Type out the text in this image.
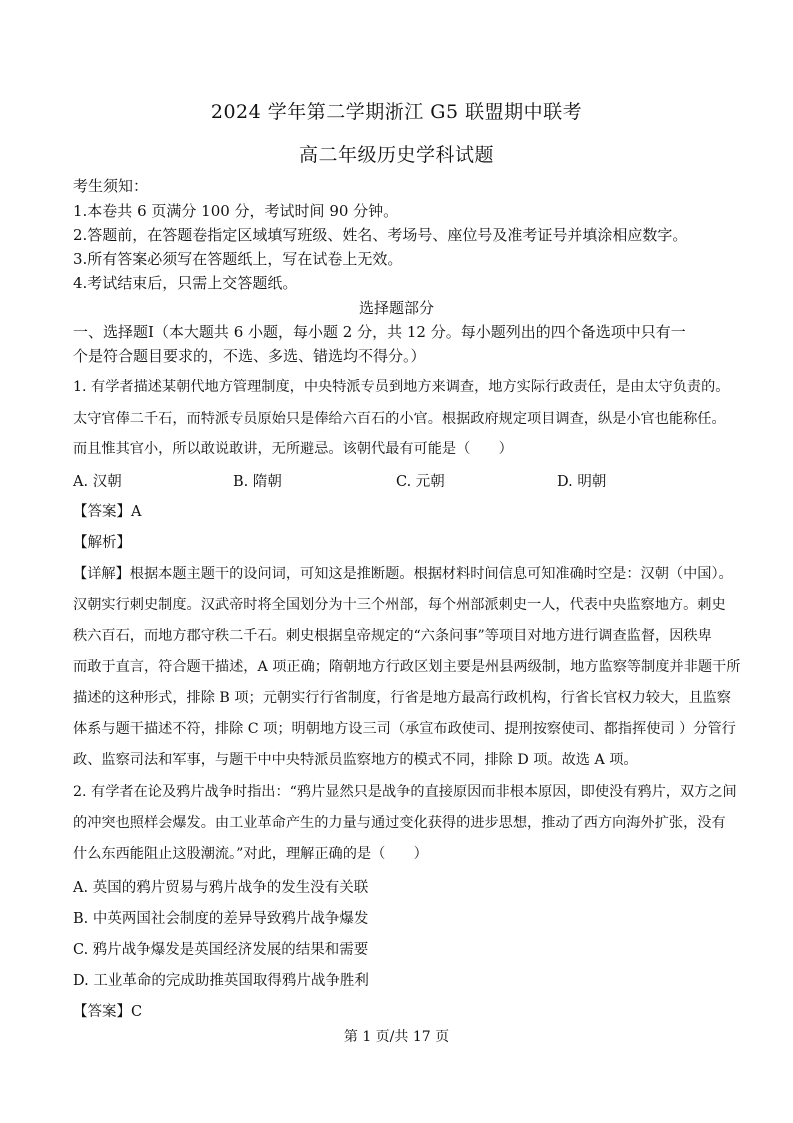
2024 学年第二学期浙江 G5 联盟期中联考
高二年级历史学科试题
考生须知：
1.本卷共 6 页满分 100 分，考试时间 90 分钟。
2.答题前，在答题卷指定区域填写班级、姓名、考场号、座位号及准考证号并填涂相应数字。
3.所有答案必须写在答题纸上，写在试卷上无效。
4.考试结束后，只需上交答题纸。
选择题部分
一、选择题Ⅰ（本大题共 6 小题，每小题 2 分，共 12 分。每小题列出的四个备选项中只有一
个是符合题目要求的，不选、多选、错选均不得分。）
1. 有学者描述某朝代地方管理制度，中央特派专员到地方来调查，地方实际行政责任，是由太守负责的。
太守官俸二千石，而特派专员原始只是俸给六百石的小官。根据政府规定项目调查，纵是小官也能称任。
而且惟其官小，所以敢说敢讲，无所避忌。该朝代最有可能是（　　）
A. 汉朝	B. 隋朝	C. 元朝	D. 明朝
【答案】A
【解析】
【详解】根据本题主题干的设问词，可知这是推断题。根据材料时间信息可知准确时空是：汉朝（中国）。
汉朝实行刺史制度。汉武帝时将全国划分为十三个州部，每个州部派刺史一人，代表中央监察地方。刺史
秩六百石，而地方郡守秩二千石。刺史根据皇帝规定的“六条问事”等项目对地方进行调查监督，因秩卑
而敢于直言，符合题干描述，A 项正确；隋朝地方行政区划主要是州县两级制，地方监察等制度并非题干所
描述的这种形式，排除 B 项；元朝实行行省制度，行省是地方最高行政机构，行省长官权力较大，且监察
体系与题干描述不符，排除 C 项；明朝地方设三司（承宣布政使司、提刑按察使司、都指挥使司 ）分管行
政、监察司法和军事，与题干中中央特派员监察地方的模式不同，排除 D 项。故选 A 项。
2. 有学者在论及鸦片战争时指出：“鸦片显然只是战争的直接原因而非根本原因，即使没有鸦片，双方之间
的冲突也照样会爆发。由工业革命产生的力量与通过变化获得的进步思想，推动了西方向海外扩张，没有
什么东西能阻止这股潮流。”对此，理解正确的是（　　）
A. 英国的鸦片贸易与鸦片战争的发生没有关联
B. 中英两国社会制度的差异导致鸦片战争爆发
C. 鸦片战争爆发是英国经济发展的结果和需要
D. 工业革命的完成助推英国取得鸦片战争胜利
【答案】C
第 1 页/共 17 页
